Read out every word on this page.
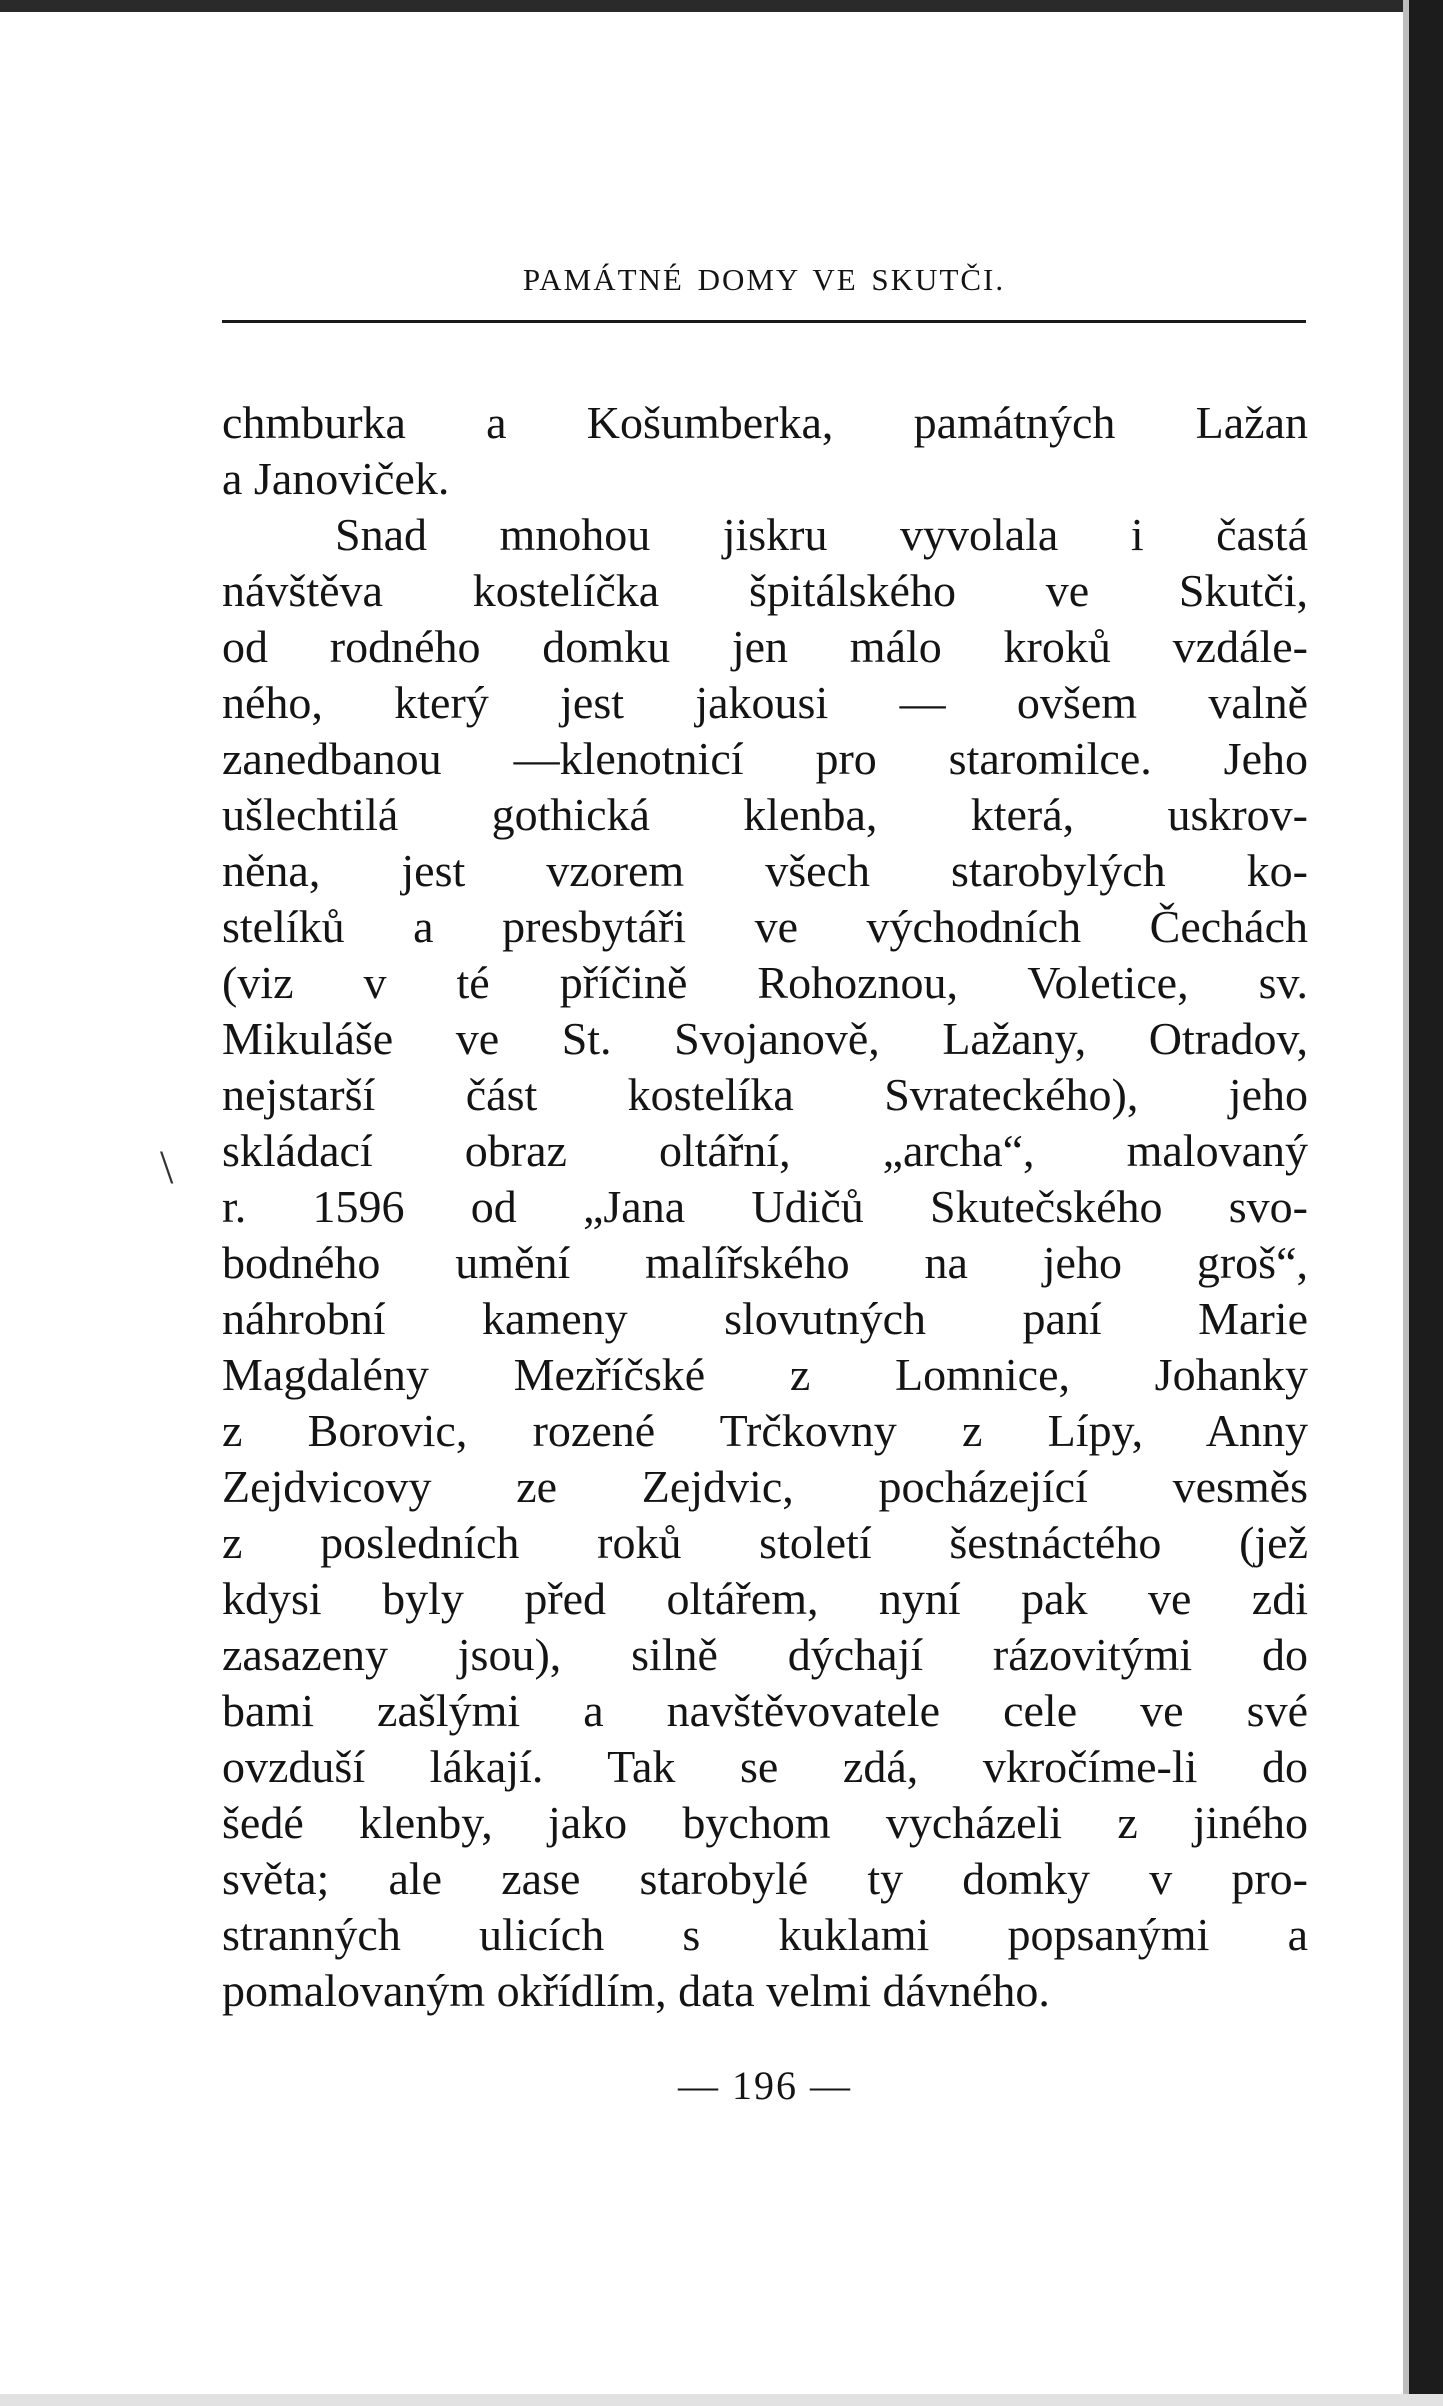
PAMÁTNÉ DOMY VE SKUTČI.
\
chmburka a Košumberka, památných Lažan
a Janoviček.
Snad mnohou jiskru vyvolala i častá
návštěva kostelíčka špitálského ve Skutči,
od rodného domku jen málo kroků vzdále-
ného, který jest jakousi — ovšem valně
zanedbanou —klenotnicí pro staromilce. Jeho
ušlechtilá gothická klenba, která, uskrov-
něna, jest vzorem všech starobylých ko-
stelíků a presbytáři ve východních Čechách
(viz v té příčině Rohoznou, Voletice, sv.
Mikuláše ve St. Svojanově, Lažany, Otradov,
nejstarší část kostelíka Svrateckého), jeho
skládací obraz oltářní, „archa“, malovaný
r. 1596 od „Jana Udičů Skutečského svo-
bodného umění malířského na jeho groš“,
náhrobní kameny slovutných paní Marie
Magdalény Mezříčské z Lomnice, Johanky
z Borovic, rozené Trčkovny z Lípy, Anny
Zejdvicovy ze Zejdvic, pocházející vesměs
z posledních roků století šestnáctého (jež
kdysi byly před oltářem, nyní pak ve zdi
zasazeny jsou), silně dýchají rázovitými do
bami zašlými a navštěvovatele cele ve své
ovzduší lákají. Tak se zdá, vkročíme-li do
šedé klenby, jako bychom vycházeli z jiného
světa; ale zase starobylé ty domky v pro-
stranných ulicích s kuklami popsanými a
pomalovaným okřídlím, data velmi dávného.
— 196 —
